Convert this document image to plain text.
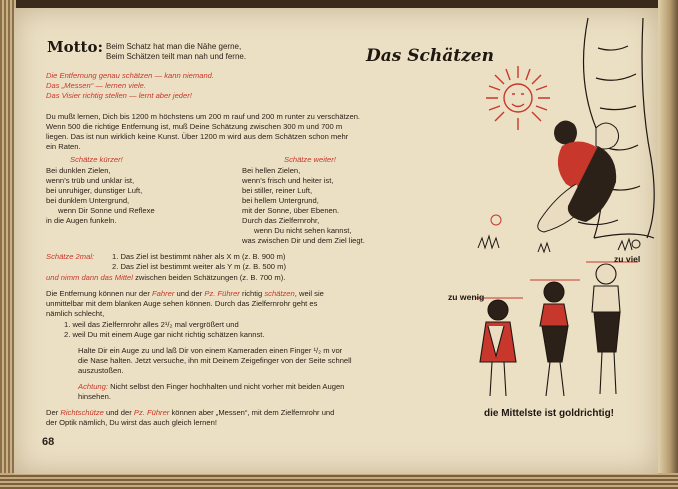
Motto: Beim Schatz hat man die Nähe gerne,
Beim Schätzen teilt man nah und ferne.	Das Schätzen
Die Entfernung genau schätzen — kann niemand.
Das „Messen“ — lernen viele.
Das Visier richtig stellen — lernt aber jeder!
Du mußt lernen, Dich bis 1200 m höchstens um 200 m rauf und 200 m runter zu verschätzen.
Wenn 500 die richtige Entfernung ist, muß Deine Schätzung zwischen 300 m und 700 m
liegen. Das ist nun wirklich keine Kunst. Über 1200 m wird aus dem Schätzen schon mehr
ein Raten.
Schätze kürzer!
Bei dunklen Zielen,
wenn’s trüb und unklar ist,
bei unruhiger, dunstiger Luft,
bei dunklem Untergrund,
wenn Dir Sonne und Reflexe
in die Augen funkeln.
Schätze weiter!
Bei hellen Zielen,
wenn’s frisch und heiter ist,
bei stiller, reiner Luft,
bei hellem Untergrund,
mit der Sonne, über Ebenen.
Durch das Zielfernrohr,
wenn Du nicht sehen kannst,
was zwischen Dir und dem Ziel liegt.
Schätze 2mal: 1. Das Ziel ist bestimmt näher als X m (z. B. 900 m)
2. Das Ziel ist bestimmt weiter als Y m (z. B. 500 m)
und nimm dann das Mittel zwischen beiden Schätzungen (z. B. 700 m).
Die Entfernung können nur der Fahrer und der Pz. Führer richtig schätzen, weil sie
unmittelbar mit dem blanken Auge sehen können. Durch das Zielfernrohr geht es
nämlich schlecht,
1. weil das Zielfernrohr alles 2¹/₂ mal vergrößert und
2. weil Du mit einem Auge gar nicht richtig schätzen kannst.
Halte Dir ein Auge zu und laß Dir von einem Kameraden einen Finger ¹/₂ m vor
die Nase halten. Jetzt versuche, ihn mit Deinem Zeigefinger von der Seite schnell
auszustoßen.
Achtung: Nicht selbst den Finger hochhalten und nicht vorher mit beiden Augen
hinsehen.
Der Richtschütze und der Pz. Führer können aber „Messen“, mit dem Zielfernrohr und
der Optik nämlich, Du wirst das auch gleich lernen!
68
zu wenig
zu viel
die Mittelste ist goldrichtig!
